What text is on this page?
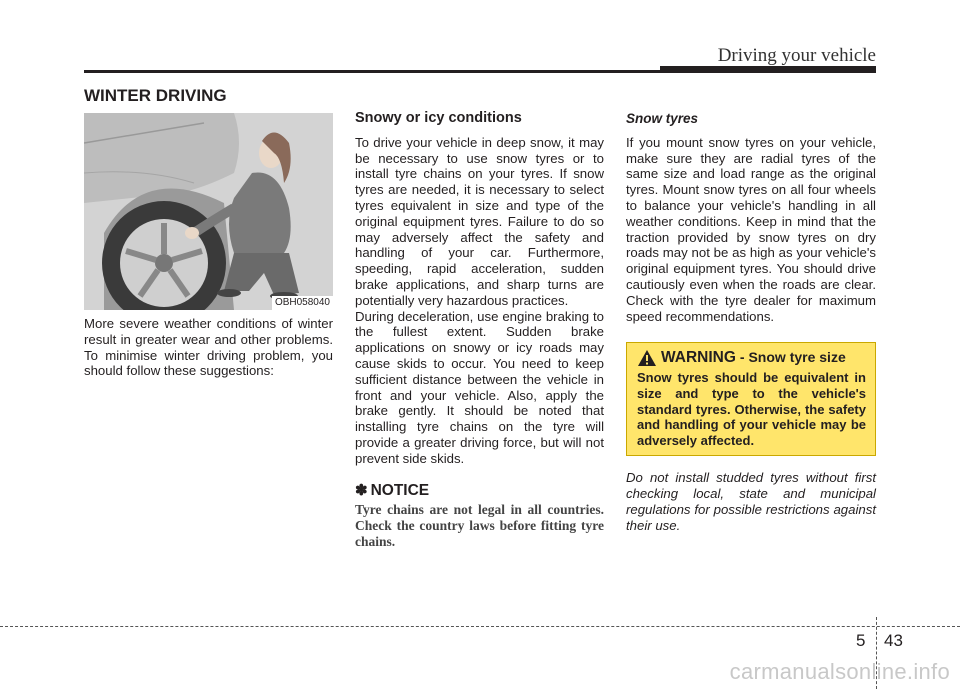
Driving your vehicle
WINTER DRIVING
OBH058040

More severe weather conditions of winter result in greater wear and other problems. To minimise winter driving problem, you should follow these suggestions:

Snowy or icy conditions

To drive your vehicle in deep snow, it may be necessary to use snow tyres or to install tyre chains on your tyres. If snow tyres are needed, it is necessary to select tyres equivalent in size and type of the original equipment tyres. Failure to do so may adversely affect the safety and handling of your car. Furthermore, speeding, rapid acceleration, sudden brake applications, and sharp turns are potentially very hazardous practices.

During deceleration, use engine braking to the fullest extent. Sudden brake applications on snowy or icy roads may cause skids to occur. You need to keep sufficient distance between the vehicle in front and your vehicle. Also, apply the brake gently. It should be noted that installing tyre chains on the tyre will provide a greater driving force, but will not prevent side skids.

✽ NOTICE
Tyre chains are not legal in all countries. Check the country laws before fitting tyre chains.
Snow tyres

If you mount snow tyres on your vehicle, make sure they are radial tyres of the same size and load range as the original tyres. Mount snow tyres on all four wheels to balance your vehicle's handling in all weather conditions. Keep in mind that the traction provided by snow tyres on dry roads may not be as high as your vehicle's original equipment tyres. You should drive cautiously even when the roads are clear. Check with the tyre dealer for maximum speed recommendations.

WARNING - Snow tyre size
Snow tyres should be equivalent in size and type to the vehicle's standard tyres. Otherwise, the safety and handling of your vehicle may be adversely affected.

Do not install studded tyres without first checking local, state and municipal regulations for possible restrictions against their use.

5 43
carmanualsonline.info
